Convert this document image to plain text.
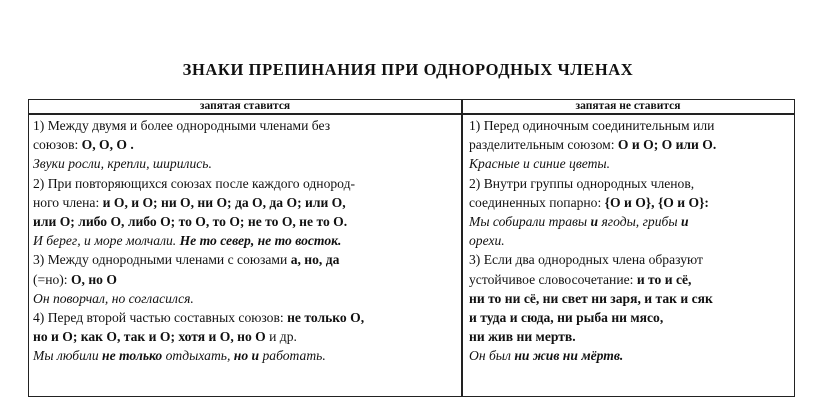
ЗНАКИ ПРЕПИНАНИЯ ПРИ ОДНОРОДНЫХ ЧЛЕНАХ
запятая ставится	запятая не ставится
1) Между двумя и более однородными членами без
союзов: О, О, О .
Звуки росли, крепли, ширились.
2) При повторяющихся союзах после каждого однород-
ного члена: и О, и О; ни О, ни О; да О, да О; или О,
или О; либо О, либо О; то О, то О; не то О, не то О.
И берег, и море молчали. Не то север, не то восток.
3) Между однородными членами с союзами а, но, да
(=но): О, но О
Он поворчал, но согласился.
4) Перед второй частью составных союзов: не только О,
но и О; как О, так и О; хотя и О, но О и др.
Мы любили не только отдыхать, но и работать.
1) Перед одиночным соединительным или
разделительным союзом: О и О; О или О.
Красные и синие цветы.
2) Внутри группы однородных членов,
соединенных попарно: {О и О}, {О и О}:
Мы собирали травы и ягоды, грибы и
орехи.
3) Если два однородных члена образуют
устойчивое словосочетание: и то и сё,
ни то ни сё, ни свет ни заря, и так и сяк
и туда и сюда, ни рыба ни мясо,
ни жив ни мертв.
Он был ни жив ни мёртв.
